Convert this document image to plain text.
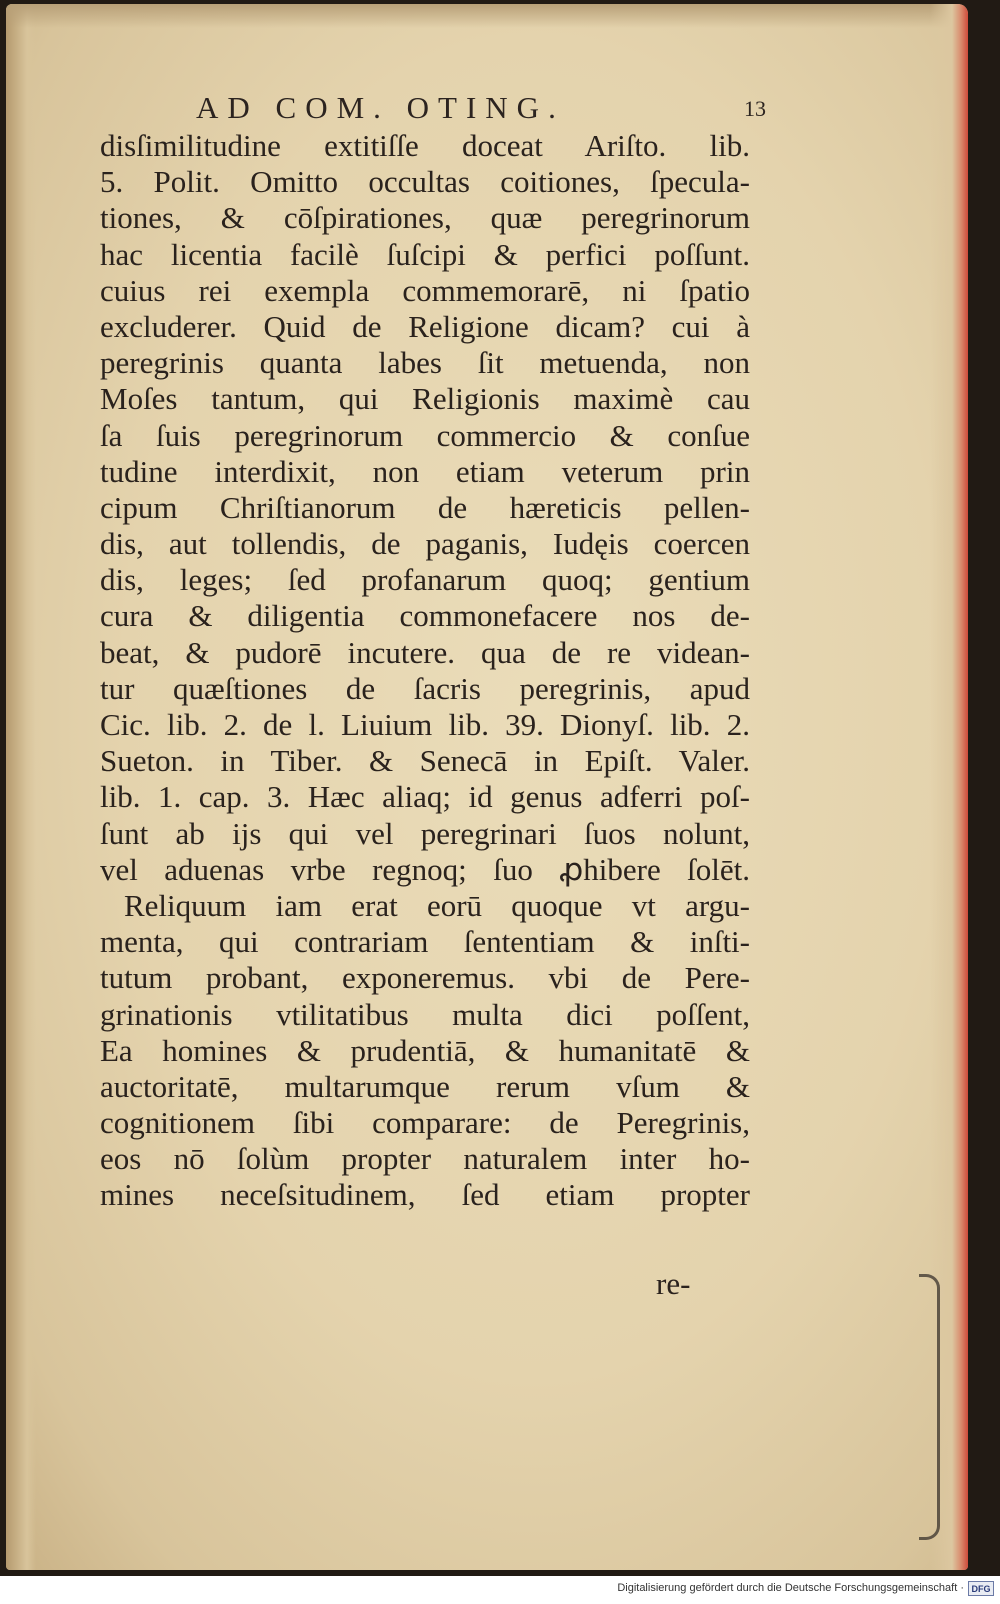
AD COM. OTING.	13
disſimilitudine extitiſſe doceat Ariſto. lib.
5. Polit. Omitto occultas coitiones, ſpecula-
tiones, & cōſpirationes, quæ peregrinorum
hac licentia facilè ſuſcipi & perfici poſſunt.
cuius rei exempla commemorarē, ni ſpatio
excluderer. Quid de Religione dicam? cui à
peregrinis quanta labes ſit metuenda, non
Moſes tantum, qui Religionis maximè cau
ſa ſuis peregrinorum commercio & conſue
tudine interdixit, non etiam veterum prin
cipum Chriſtianorum de hæreticis pellen-
dis, aut tollendis, de paganis, Iudęis coercen
dis, leges; ſed profanarum quoq; gentium
cura & diligentia commonefacere nos de-
beat, & pudorē incutere. qua de re videan-
tur quæſtiones de ſacris peregrinis, apud
Cic. lib. 2. de l. Liuium lib. 39. Dionyſ. lib. 2.
Sueton. in Tiber. & Senecā in Epiſt. Valer.
lib. 1. cap. 3. Hæc aliaq; id genus adferri poſ-
ſunt ab ijs qui vel peregrinari ſuos nolunt,
vel aduenas vrbe regnoq; ſuo ꝓhibere ſolēt.
Reliquum iam erat eorū quoque vt argu-
menta, qui contrariam ſententiam & inſti-
tutum probant, exponeremus. vbi de Pere-
grinationis vtilitatibus multa dici poſſent,
Ea homines & prudentiā, & humanitatē &
auctoritatē, multarumque rerum vſum &
cognitionem ſibi comparare: de Peregrinis,
eos nō ſolùm propter naturalem inter ho-
mines neceſsitudinem, ſed etiam propter
re-
Digitalisierung gefördert durch die Deutsche Forschungsgemeinschaft · DFG
